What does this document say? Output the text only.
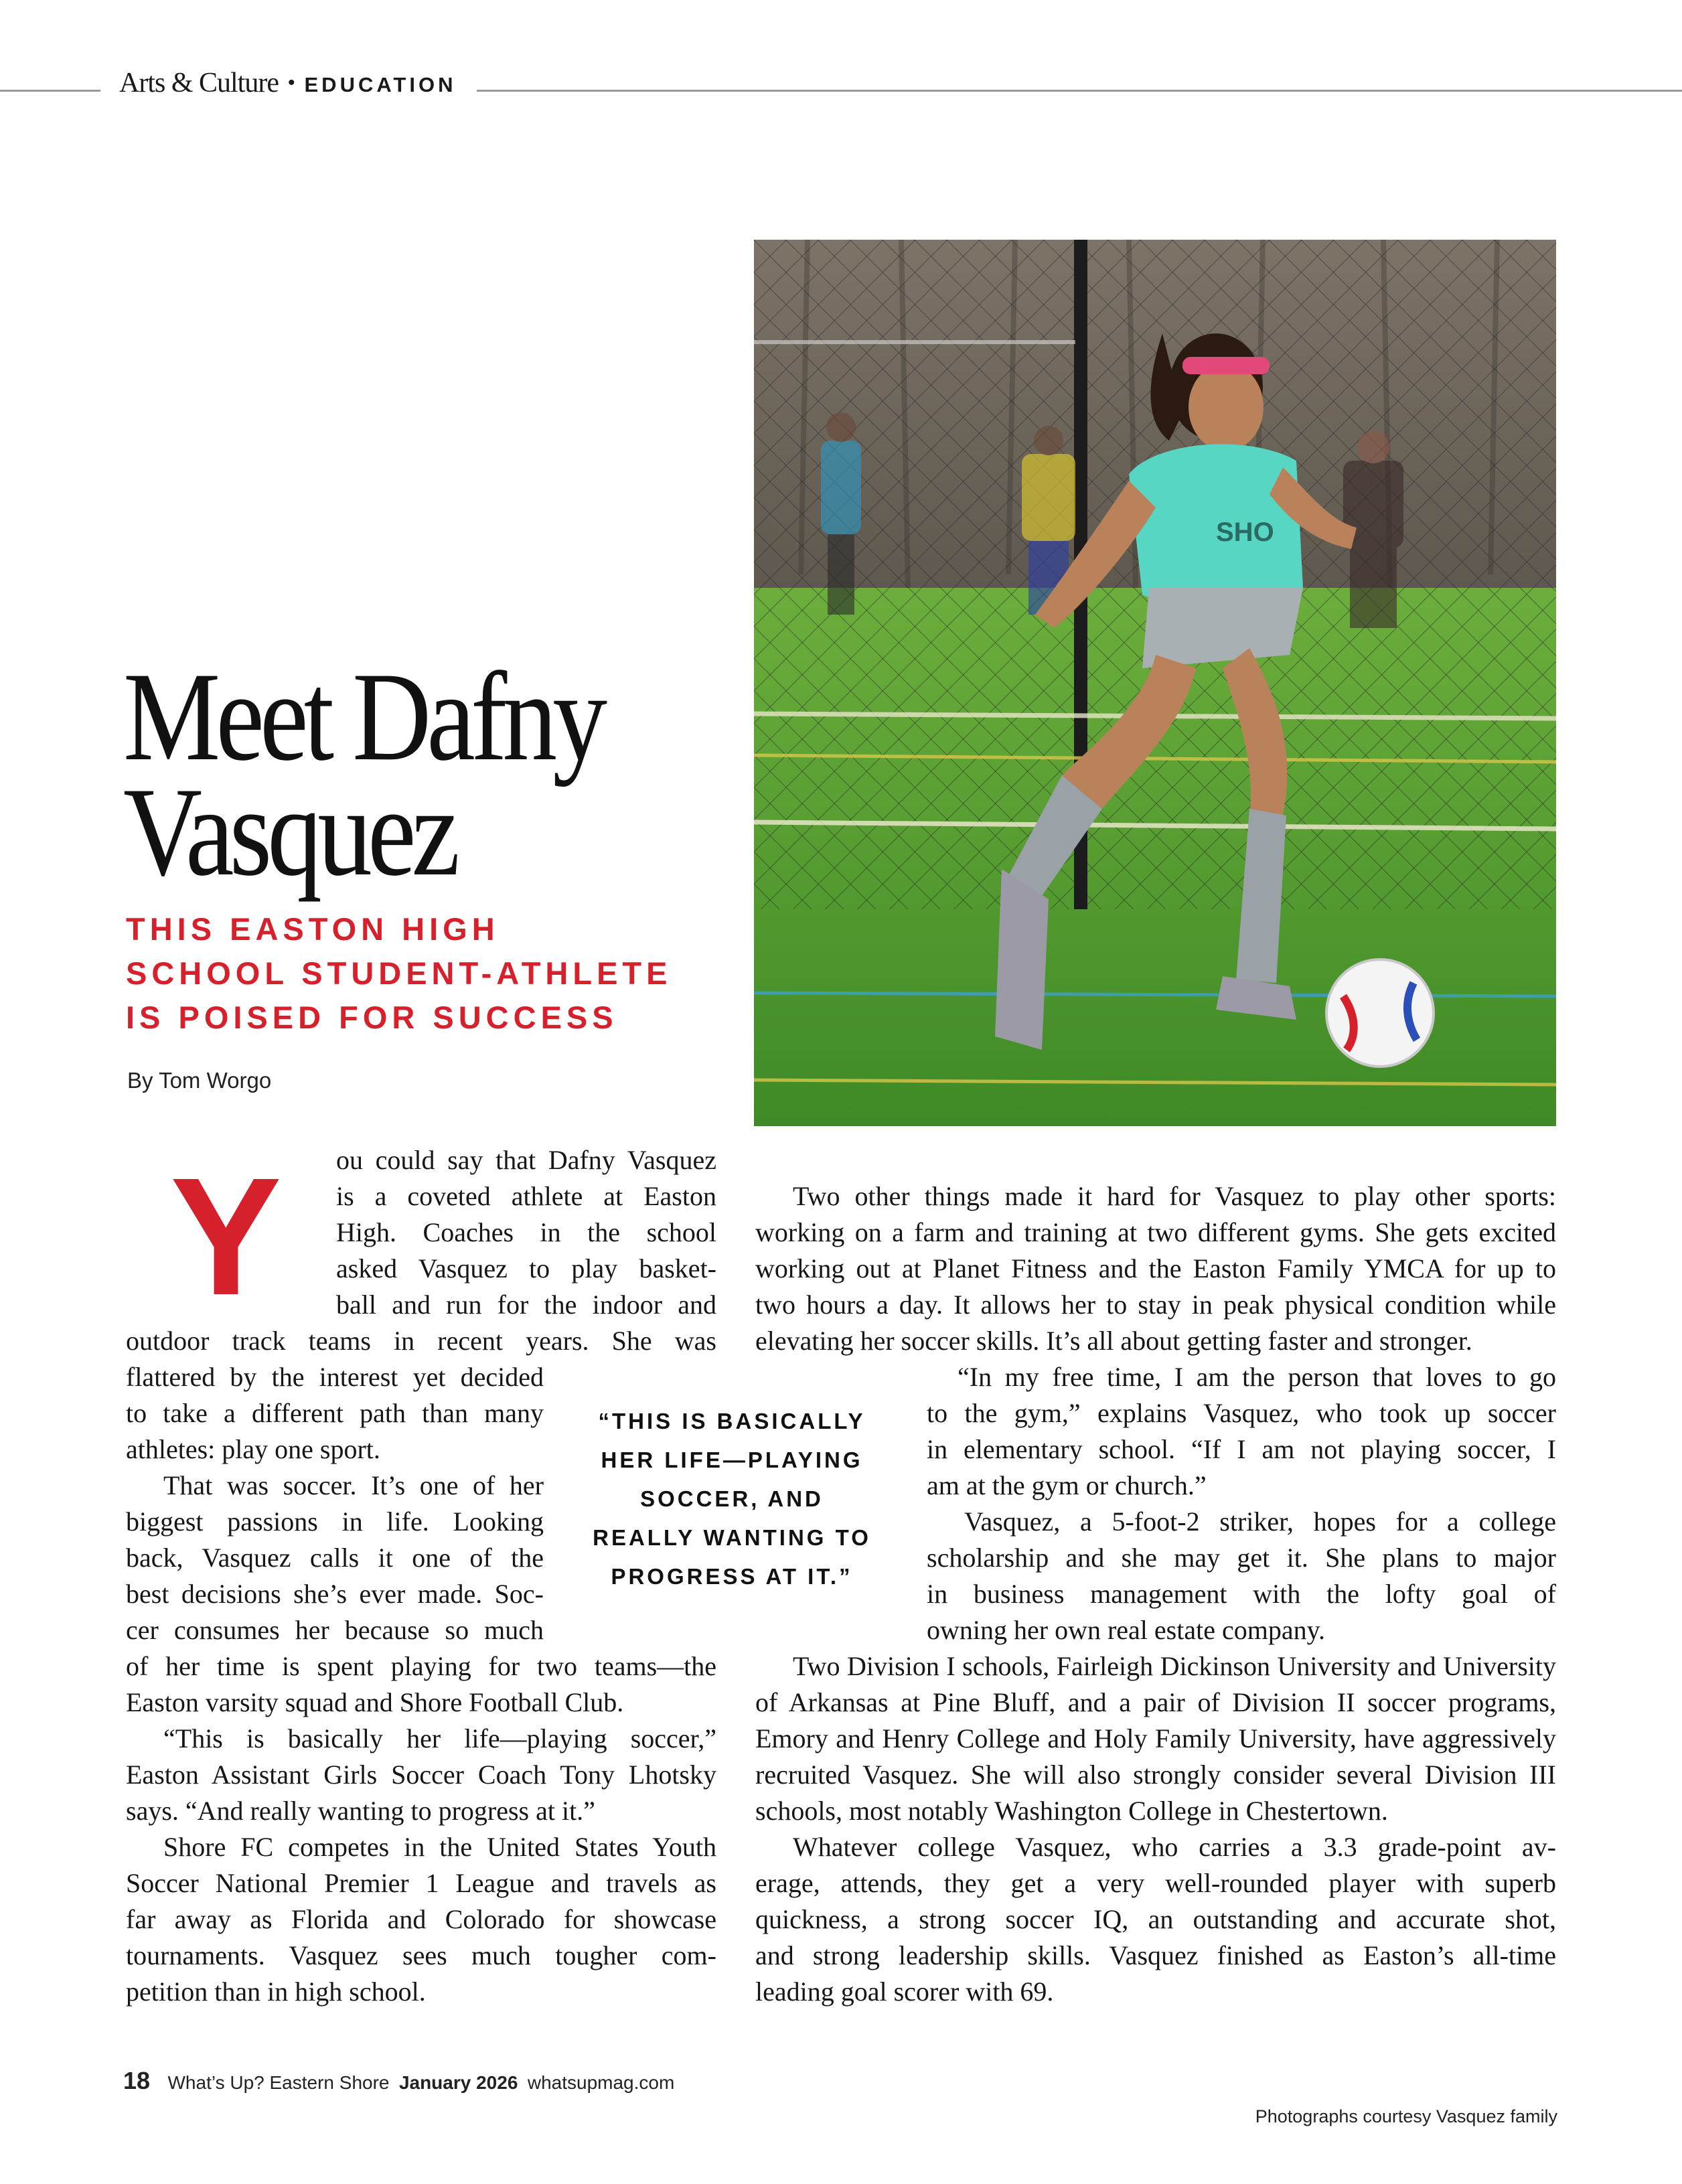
Arts & Culture • EDUCATION
Meet Dafny
Vasquez
THIS EASTON HIGH
SCHOOL STUDENT-ATHLETE
IS POISED FOR SUCCESS
By Tom Worgo
SHO
Y ou could say that Dafny Vasquez
is a coveted athlete at Easton
High. Coaches in the school
asked Vasquez to play basket-
ball and run for the indoor and
outdoor track teams in recent years. She was
flattered by the interest yet decided
to take a different path than many
athletes: play one sport.
That was soccer. It’s one of her
biggest passions in life. Looking
back, Vasquez calls it one of the
best decisions she’s ever made. Soc-
cer consumes her because so much
of her time is spent playing for two teams—the
Easton varsity squad and Shore Football Club.
“This is basically her life—playing soccer,”
Easton Assistant Girls Soccer Coach Tony Lhotsky
says. “And really wanting to progress at it.”
Shore FC competes in the United States Youth
Soccer National Premier 1 League and travels as
far away as Florida and Colorado for showcase
tournaments. Vasquez sees much tougher com-
petition than in high school.
“THIS IS BASICALLY
HER LIFE—PLAYING
SOCCER, AND
REALLY WANTING TO
PROGRESS AT IT.”
Two other things made it hard for Vasquez to play other sports:
working on a farm and training at two different gyms. She gets excited
working out at Planet Fitness and the Easton Family YMCA for up to
two hours a day. It allows her to stay in peak physical condition while
elevating her soccer skills. It’s all about getting faster and stronger.
“In my free time, I am the person that loves to go
to the gym,” explains Vasquez, who took up soccer
in elementary school. “If I am not playing soccer, I
am at the gym or church.”
Vasquez, a 5-foot-2 striker, hopes for a college
scholarship and she may get it. She plans to major
in business management with the lofty goal of
owning her own real estate company.
Two Division I schools, Fairleigh Dickinson University and University
of Arkansas at Pine Bluff, and a pair of Division II soccer programs,
Emory and Henry College and Holy Family University, have aggressively
recruited Vasquez. She will also strongly consider several Division III
schools, most notably Washington College in Chestertown.
Whatever college Vasquez, who carries a 3.3 grade-point av-
erage, attends, they get a very well-rounded player with superb
quickness, a strong soccer IQ, an outstanding and accurate shot,
and strong leadership skills. Vasquez finished as Easton’s all-time
leading goal scorer with 69.
18 What’s Up? Eastern Shore January 2026 whatsupmag.com
Photographs courtesy Vasquez family
